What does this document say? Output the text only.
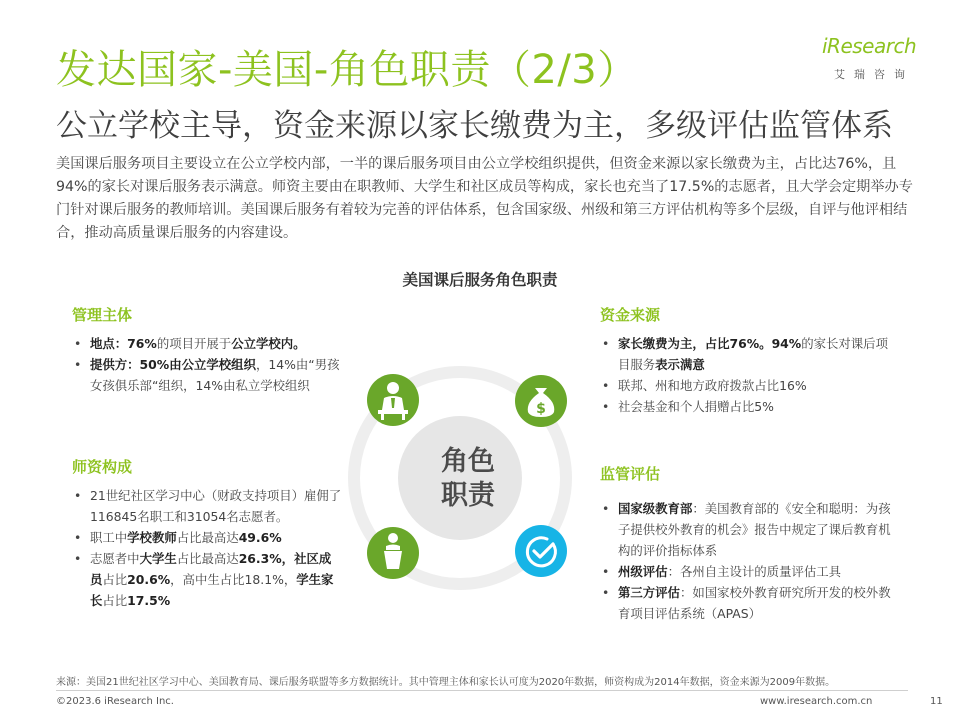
发达国家-美国-角色职责（2/3）
公立学校主导，资金来源以家长缴费为主，多级评估监管体系
iResearch
艾瑞咨询
美国课后服务项目主要设立在公立学校内部，一半的课后服务项目由公立学校组织提供，但资金来源以家长缴费为主，占比达76%，且94%的家长对课后服务表示满意。师资主要由在职教师、大学生和社区成员等构成，家长也充当了17.5%的志愿者，且大学会定期举办专门针对课后服务的教师培训。美国课后服务有着较为完善的评估体系，包含国家级、州级和第三方评估机构等多个层级，自评与他评相结合，推动高质量课后服务的内容建设。
美国课后服务角色职责
管理主体
• 地点：76%的项目开展于公立学校内。
• 提供方：50%由公立学校组织，14%由“男孩女孩俱乐部“组织，14%由私立学校组织
师资构成
• 21世纪社区学习中心（财政支持项目）雇佣了116845名职工和31054名志愿者。
• 职工中学校教师占比最高达49.6%
• 志愿者中大学生占比最高达26.3%，社区成员占比20.6%，高中生占比18.1%，学生家长占比17.5%
资金来源
• 家长缴费为主，占比76%。94%的家长对课后项目服务表示满意
• 联邦、州和地方政府拨款占比16%
• 社会基金和个人捐赠占比5%
监管评估
• 国家级教育部：美国教育部的《安全和聪明：为孩子提供校外教育的机会》报告中规定了课后教育机构的评价指标体系
• 州级评估：各州自主设计的质量评估工具
• 第三方评估：如国家校外教育研究所开发的校外教育项目评估系统（APAS）
角色
职责
$
来源：美国21世纪社区学习中心、美国教育局、课后服务联盟等多方数据统计。其中管理主体和家长认可度为2020年数据，师资构成为2014年数据，资金来源为2009年数据。
©2023.6 iResearch Inc.	www.iresearch.com.cn	11
